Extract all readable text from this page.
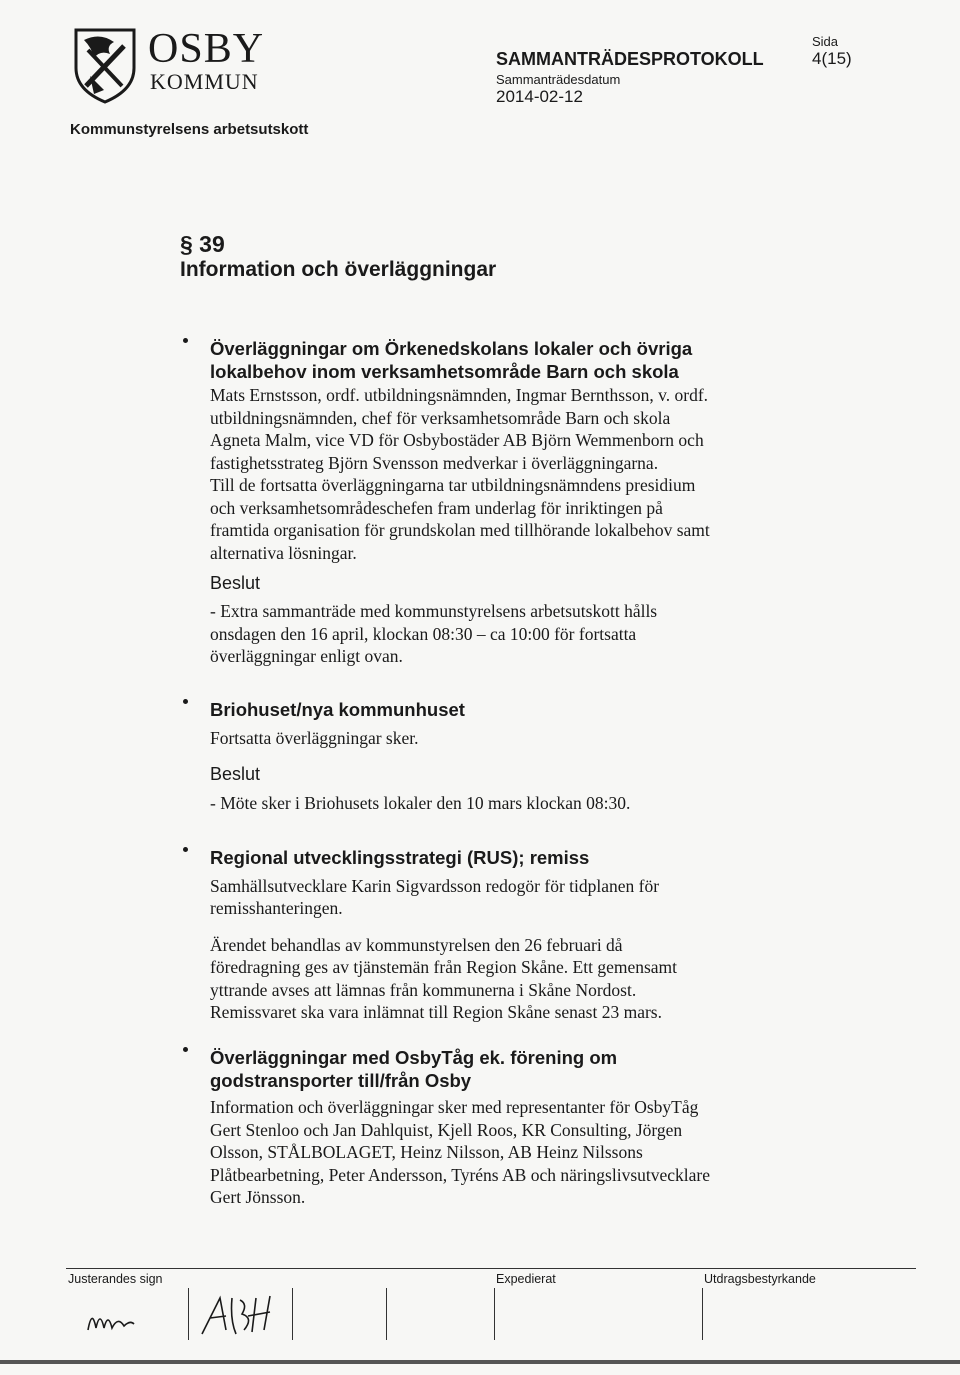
OSBY
KOMMUN
SAMMANTRÄDESPROTOKOLL
Sammanträdesdatum
2014-02-12
Sida
4(15)
Kommunstyrelsens arbetsutskott
§ 39
Information och överläggningar
Överläggningar om Örkenedskolans lokaler och övriga
lokalbehov inom verksamhetsområde Barn och skola
Mats Ernstsson, ordf. utbildningsnämnden, Ingmar Bernthsson, v. ordf.
utbildningsnämnden, chef för verksamhetsområde Barn och skola
Agneta Malm, vice VD för Osbybostäder AB Björn Wemmenborn och
fastighetsstrateg Björn Svensson medverkar i överläggningarna.
Till de fortsatta överläggningarna tar utbildningsnämndens presidium
och verksamhetsområdeschefen fram underlag för inriktingen på
framtida organisation för grundskolan med tillhörande lokalbehov samt
alternativa lösningar.
Beslut
- Extra sammanträde med kommunstyrelsens arbetsutskott hålls
onsdagen den 16 april, klockan 08:30 – ca 10:00 för fortsatta
överläggningar enligt ovan.
Briohuset/nya kommunhuset
Fortsatta överläggningar sker.
Beslut
- Möte sker i Briohusets lokaler den 10 mars klockan 08:30.
Regional utvecklingsstrategi (RUS); remiss
Samhällsutvecklare Karin Sigvardsson redogör för tidplanen för
remisshanteringen.
Ärendet behandlas av kommunstyrelsen den 26 februari då
föredragning ges av tjänstemän från Region Skåne. Ett gemensamt
yttrande avses att lämnas från kommunerna i Skåne Nordost.
Remissvaret ska vara inlämnat till Region Skåne senast 23 mars.
Överläggningar med OsbyTåg ek. förening om
godstransporter till/från Osby
Information och överläggningar sker med representanter för OsbyTåg
Gert Stenloo och Jan Dahlquist, Kjell Roos, KR Consulting, Jörgen
Olsson, STÅLBOLAGET, Heinz Nilsson, AB Heinz Nilssons
Plåtbearbetning, Peter Andersson, Tyréns AB och näringslivsutvecklare
Gert Jönsson.
Justerandes sign	Expedierat	Utdragsbestyrkande
